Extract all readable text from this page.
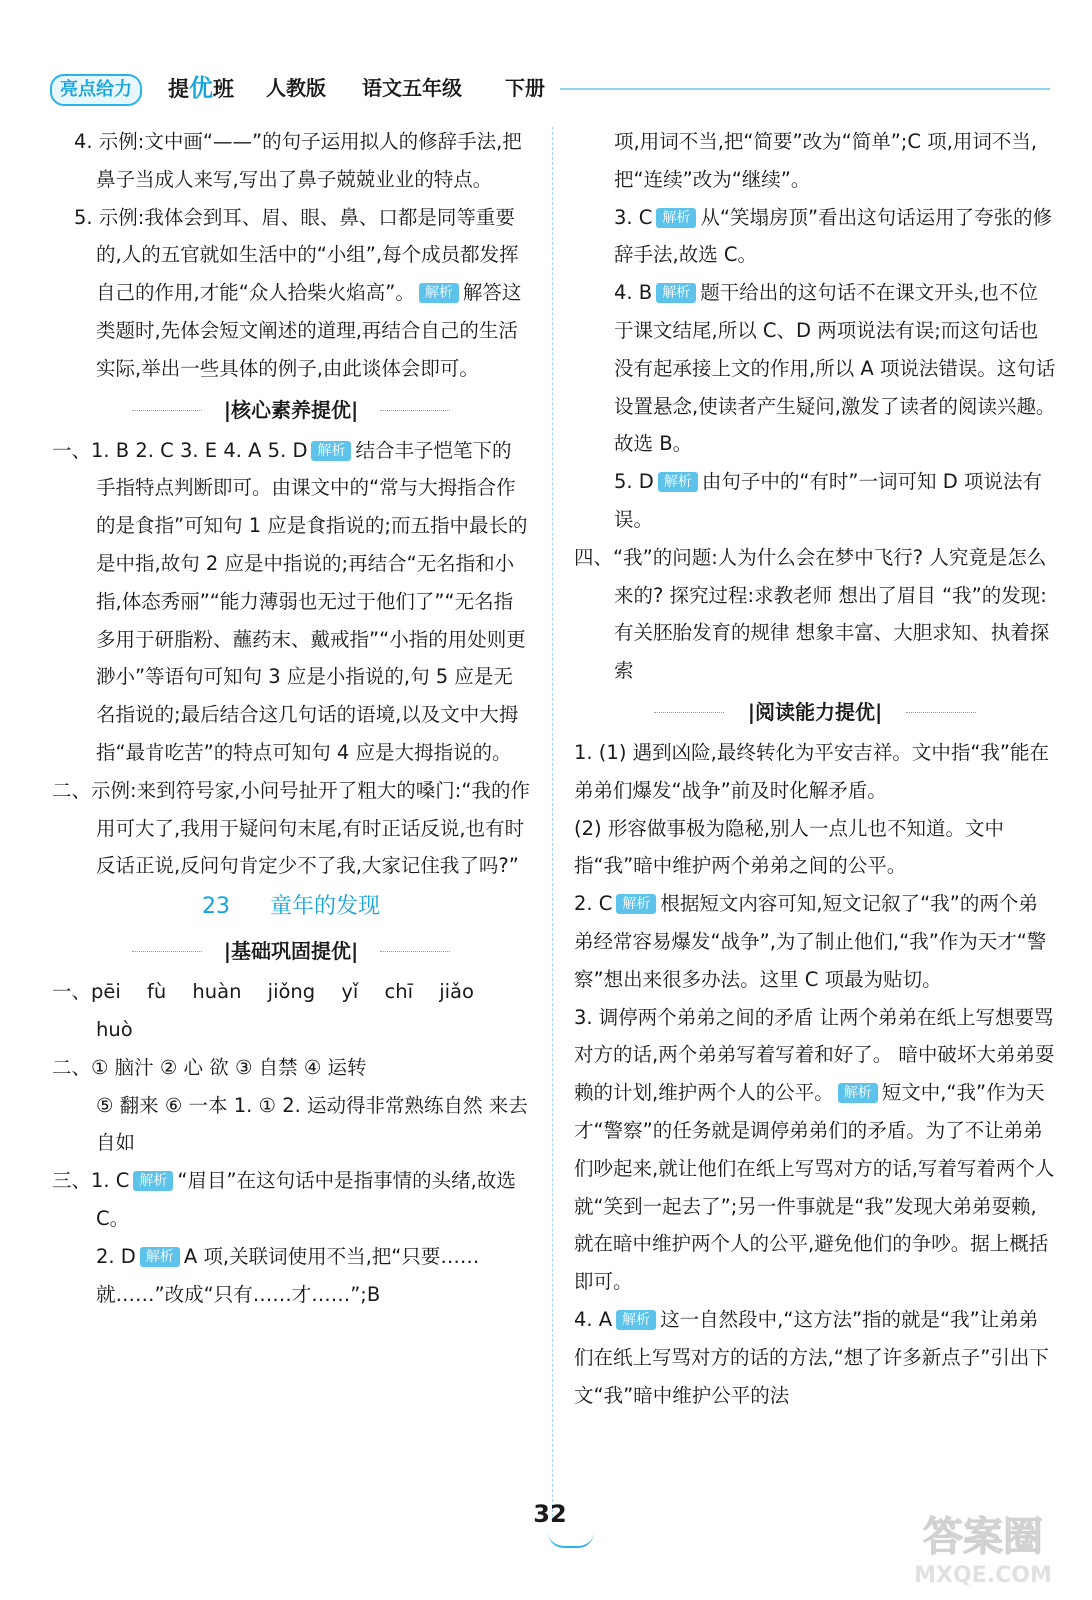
亮点给力	提优班 人教版 语文五年级 下册

4. 示例:文中画“——”的句子运用拟人的修辞手法,把鼻子当成人来写,写出了鼻子兢兢业业的特点。

5. 示例:我体会到耳、眉、眼、鼻、口都是同等重要的,人的五官就如生活中的“小组”,每个成员都发挥自己的作用,才能“众人拾柴火焰高”。 解析 解答这类题时,先体会短文阐述的道理,再结合自己的生活实际,举出一些具体的例子,由此谈体会即可。

|核心素养提优|

一、1. B 2. C 3. E 4. A 5. D 解析 结合丰子恺笔下的手指特点判断即可。由课文中的“常与大拇指合作的是食指”可知句 1 应是食指说的;而五指中最长的是中指,故句 2 应是中指说的;再结合“无名指和小指,体态秀丽”“能力薄弱也无过于他们了”“无名指多用于研脂粉、蘸药末、戴戒指”“小指的用处则更渺小”等语句可知句 3 应是小指说的,句 5 应是无名指说的;最后结合这几句话的语境,以及文中大拇指“最肯吃苦”的特点可知句 4 应是大拇指说的。

二、示例:来到符号家,小问号扯开了粗大的嗓门:“我的作用可大了,我用于疑问句末尾,有时正话反说,也有时反话正说,反问句肯定少不了我,大家记住我了吗?”

23 童年的发现
|基础巩固提优|

一、pēi fù huàn jiǒng yǐ chī jiǎo huò

二、① 脑汁 ② 心 欲 ③ 自禁 ④ 运转

⑤ 翻来 ⑥ 一本 1. ① 2. 运动得非常熟练自然 来去自如

三、1. C 解析 “眉目”在这句话中是指事情的头绪,故选 C。

2. D 解析 A 项,关联词使用不当,把“只要……就……”改成“只有……才……”;B

项,用词不当,把“简要”改为“简单”;C 项,用词不当,把“连续”改为“继续”。

3. C 解析 从“笑塌房顶”看出这句话运用了夸张的修辞手法,故选 C。

4. B 解析 题干给出的这句话不在课文开头,也不位于课文结尾,所以 C、D 两项说法有误;而这句话也没有起承接上文的作用,所以 A 项说法错误。这句话设置悬念,使读者产生疑问,激发了读者的阅读兴趣。故选 B。

5. D 解析 由句子中的“有时”一词可知 D 项说法有误。

四、“我”的问题:人为什么会在梦中飞行? 人究竟是怎么来的? 探究过程:求教老师 想出了眉目 “我”的发现:有关胚胎发育的规律 想象丰富、大胆求知、执着探索

|阅读能力提优|

1. (1) 遇到凶险,最终转化为平安吉祥。文中指“我”能在弟弟们爆发“战争”前及时化解矛盾。

(2) 形容做事极为隐秘,别人一点儿也不知道。文中指“我”暗中维护两个弟弟之间的公平。

2. C 解析 根据短文内容可知,短文记叙了“我”的两个弟弟经常容易爆发“战争”,为了制止他们,“我”作为天才“警察”想出来很多办法。这里 C 项最为贴切。

3. 调停两个弟弟之间的矛盾 让两个弟弟在纸上写想要骂对方的话,两个弟弟写着写着和好了。 暗中破坏大弟弟耍赖的计划,维护两个人的公平。 解析 短文中,“我”作为天才“警察”的任务就是调停弟弟们的矛盾。为了不让弟弟们吵起来,就让他们在纸上写骂对方的话,写着写着两个人就“笑到一起去了”;另一件事就是“我”发现大弟弟耍赖,就在暗中维护两个人的公平,避免他们的争吵。据上概括即可。

4. A 解析 这一自然段中,“这方法”指的就是“我”让弟弟们在纸上写骂对方的话的方法,“想了许多新点子”引出下文“我”暗中维护公平的法

32	答案圈
MXQE.COM
